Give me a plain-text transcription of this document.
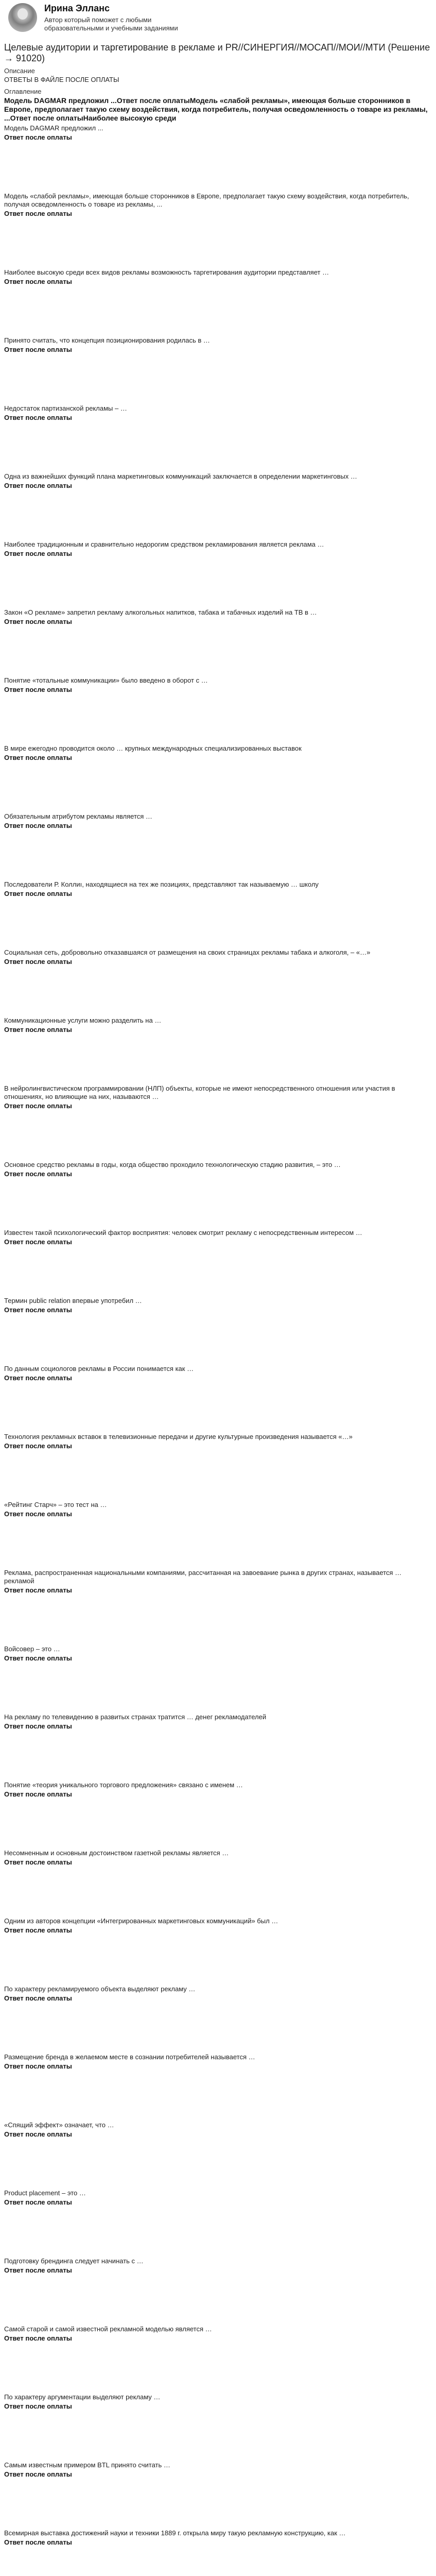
Ирина Элланс
Автор который поможет с любыми образовательными и учебными заданиями
Целевые аудитории и таргетирование в рекламе и PR//СИНЕРГИЯ//МОСАП//МОИ//МТИ (Решение → 91020)
Описание
ОТВЕТЫ В ФАЙЛЕ ПОСЛЕ ОПЛАТЫ
Оглавление
Модель DAGMAR предложил ...Ответ после оплатыМодель «слабой рекламы», имеющая больше сторонников в Европе, предполагает такую схему воздействия, когда потребитель, получая осведомленность о товаре из рекламы, ...Ответ после оплатыНаиболее высокую среди
Модель DAGMAR предложил ...
Ответ после оплаты
Модель «слабой рекламы», имеющая больше сторонников в Европе, предполагает такую схему воздействия, когда потребитель, получая осведомленность о товаре из рекламы, ...
Ответ после оплаты
Наиболее высокую среди всех видов рекламы возможность таргетирования аудитории представляет …
Ответ после оплаты
Принято считать, что концепция позиционирования родилась в …
Ответ после оплаты
Недостаток партизанской рекламы – …
Ответ после оплаты
Одна из важнейших функций плана маркетинговых коммуникаций заключается в определении маркетинговых …
Ответ после оплаты
Наиболее традиционным и сравнительно недорогим средством рекламирования является реклама …
Ответ после оплаты
Закон «О рекламе» запретил рекламу алкогольных напитков, табака и табачных изделий на ТВ в …
Ответ после оплаты
Понятие «тотальные коммуникации» было введено в оборот с …
Ответ после оплаты
В мире ежегодно проводится около … крупных международных специализированных выставок
Ответ после оплаты
Обязательным атрибутом рекламы является …
Ответ после оплаты
Последователи Р. Коллиı, находящиеся на тех же позициях, представляют так называемую … школу
Ответ после оплаты
Социальная сеть, добровольно отказавшаяся от размещения на своих страницах рекламы табака и алкоголя, – «…»
Ответ после оплаты
Коммуникационные услуги можно разделить на …
Ответ после оплаты
В нейролингвистическом программировании (НЛП) объекты, которые не имеют непосредственного отношения или участия в отношениях, но влияющие на них, называются …
Ответ после оплаты
Основное средство рекламы в годы, когда общество проходило технологическую стадию развития, – это …
Ответ после оплаты
Известен такой психологический фактор восприятия: человек смотрит рекламу с непосредственным интересом …
Ответ после оплаты
Термин public relation впервые употребил …
Ответ после оплаты
По данным социологов рекламы в России понимается как …
Ответ после оплаты
Технология рекламных вставок в телевизионные передачи и другие культурные произведения называется «…»
Ответ после оплаты
«Рейтинг Старч» – это тест на …
Ответ после оплаты
Реклама, распространенная национальными компаниями, рассчитанная на завоевание рынка в других странах, называется … рекламой
Ответ после оплаты
Войсовер – это …
Ответ после оплаты
На рекламу по телевидению в развитых странах тратится … денег рекламодателей
Ответ после оплаты
Понятие «теория уникального торгового предложения» связано с именем …
Ответ после оплаты
Несомненным и основным достоинством газетной рекламы является …
Ответ после оплаты
Одним из авторов концепции «Интегрированных маркетинговых коммуникаций» был …
Ответ после оплаты
По характеру рекламируемого объекта выделяют рекламу …
Ответ после оплаты
Размещение бренда в желаемом месте в сознании потребителей называется …
Ответ после оплаты
«Спящий эффект» означает, что …
Ответ после оплаты
Product placement – это …
Ответ после оплаты
Подготовку брендинга следует начинать с …
Ответ после оплаты
Самой старой и самой известной рекламной моделью является …
Ответ после оплаты
По характеру аргументации выделяют рекламу …
Ответ после оплаты
Самым известным примером BTL принято считать …
Ответ после оплаты
Всемирная выставка достижений науки и техники 1889 г. открыла миру такую рекламную конструкцию, как …
Ответ после оплаты
